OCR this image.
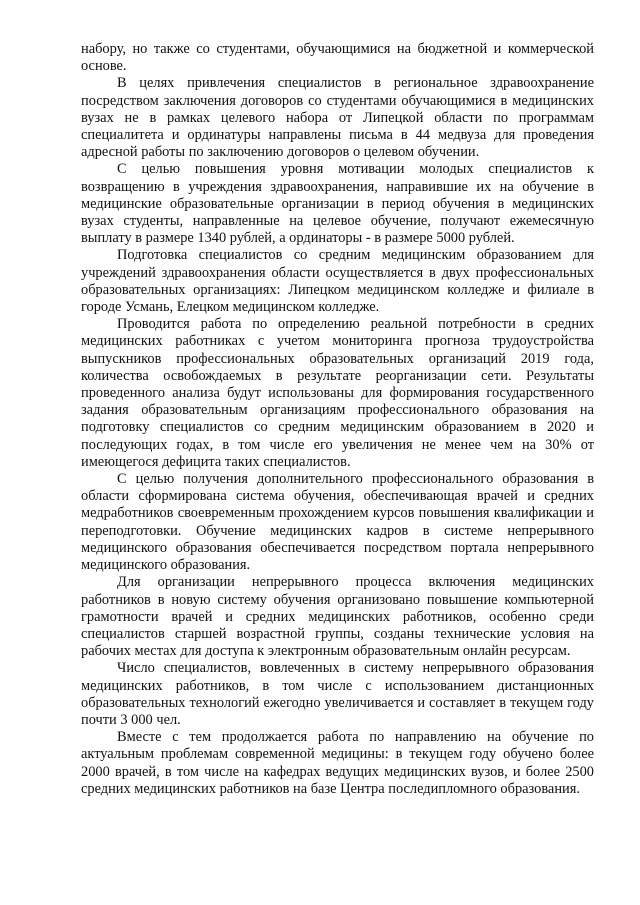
набору, но также со студентами, обучающимися на бюджетной и коммерческой основе.

В целях привлечения специалистов в региональное здравоохранение посредством заключения договоров со студентами обучающимися в медицинских вузах не в рамках целевого набора от Липецкой области по программам специалитета и ординатуры направлены письма в 44 медвуза для проведения адресной работы по заключению договоров о целевом обучении.

С целью повышения уровня мотивации молодых специалистов к возвращению в учреждения здравоохранения, направившие их на обучение в медицинские образовательные организации в период обучения в медицинских вузах студенты, направленные на целевое обучение, получают ежемесячную выплату в размере 1340 рублей, а ординаторы - в размере 5000 рублей.

Подготовка специалистов со средним медицинским образованием для учреждений здравоохранения области осуществляется в двух профессиональных образовательных организациях: Липецком медицинском колледже и филиале в городе Усмань, Елецком медицинском колледже.

Проводится работа по определению реальной потребности в средних медицинских работниках с учетом мониторинга прогноза трудоустройства выпускников профессиональных образовательных организаций 2019 года, количества освобождаемых в результате реорганизации сети. Результаты проведенного анализа будут использованы для формирования государственного задания образовательным организациям профессионального образования на подготовку специалистов со средним медицинским образованием в 2020 и последующих годах, в том числе его увеличения не менее чем на 30% от имеющегося дефицита таких специалистов.

С целью получения дополнительного профессионального образования в области сформирована система обучения, обеспечивающая врачей и средних медработников своевременным прохождением курсов повышения квалификации и переподготовки. Обучение медицинских кадров в системе непрерывного медицинского образования обеспечивается посредством портала непрерывного медицинского образования.

Для организации непрерывного процесса включения медицинских работников в новую систему обучения организовано повышение компьютерной грамотности врачей и средних медицинских работников, особенно среди специалистов старшей возрастной группы, созданы технические условия на рабочих местах для доступа к электронным образовательным онлайн ресурсам.

Число специалистов, вовлеченных в систему непрерывного образования медицинских работников, в том числе с использованием дистанционных образовательных технологий ежегодно увеличивается и составляет в текущем году почти 3 000 чел.

Вместе с тем продолжается работа по направлению на обучение по актуальным проблемам современной медицины: в текущем году обучено более 2000 врачей, в том числе на кафедрах ведущих медицинских вузов, и более 2500 средних медицинских работников на базе Центра последипломного образования.
